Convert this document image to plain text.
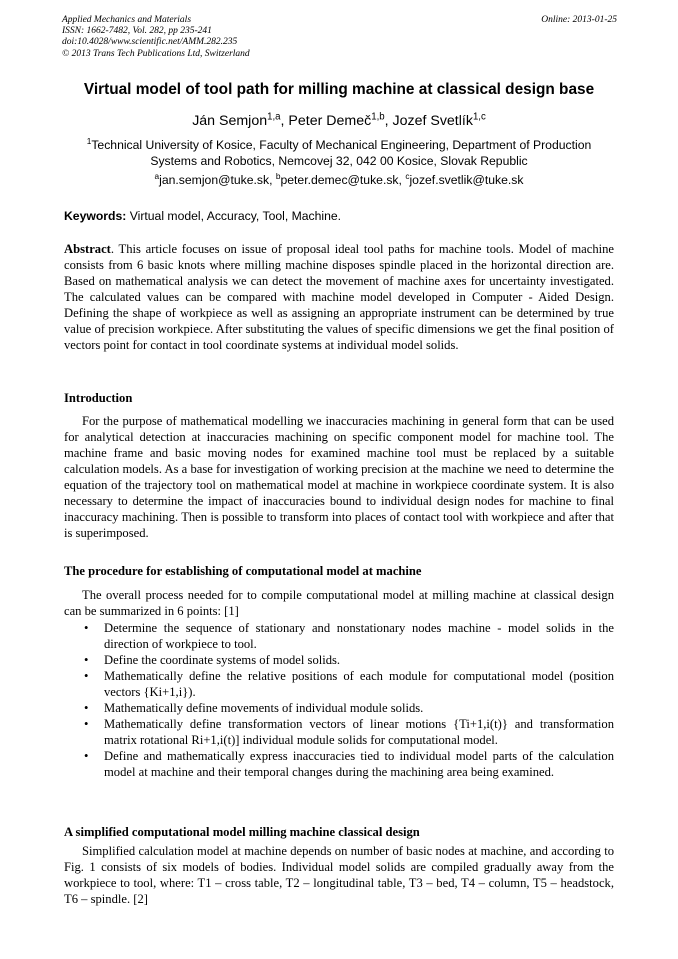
Applied Mechanics and Materials
ISSN: 1662-7482, Vol. 282, pp 235-241
doi:10.4028/www.scientific.net/AMM.282.235
© 2013 Trans Tech Publications Ltd, Switzerland
Online: 2013-01-25
Virtual model of tool path for milling machine at classical design base
Ján Semjon$^{1,a}$, Peter Demeč$^{1,b}$, Jozef Svetlík$^{1,c}$
$^1$Technical University of Kosice, Faculty of Mechanical Engineering, Department of Production
Systems and Robotics, Nemcovej 32, 042 00 Kosice, Slovak Republic
$^a$jan.semjon@tuke.sk, $^b$peter.demec@tuke.sk, $^c$jozef.svetlik@tuke.sk
Keywords: Virtual model, Accuracy, Tool, Machine.
Abstract. This article focuses on issue of proposal ideal tool paths for machine tools. Model of machine consists from 6 basic knots where milling machine disposes spindle placed in the horizontal direction are. Based on mathematical analysis we can detect the movement of machine axes for uncertainty investigated. The calculated values can be compared with machine model developed in Computer - Aided Design. Defining the shape of workpiece as well as assigning an appropriate instrument can be determined by true value of precision workpiece. After substituting the values of specific dimensions we get the final position of vectors point for contact in tool coordinate systems at individual model solids.
Introduction
For the purpose of mathematical modelling we inaccuracies machining in general form that can be used for analytical detection at inaccuracies machining on specific component model for machine tool. The machine frame and basic moving nodes for examined machine tool must be replaced by a suitable calculation models. As a base for investigation of working precision at the machine we need to determine the equation of the trajectory tool on mathematical model at machine in workpiece coordinate system. It is also necessary to determine the impact of inaccuracies bound to individual design nodes for machine to final inaccuracy machining. Then is possible to transform into places of contact tool with workpiece and after that is superimposed.
The procedure for establishing of computational model at machine
The overall process needed for to compile computational model at milling machine at classical design can be summarized in 6 points: [1]
• Determine the sequence of stationary and nonstationary nodes machine - model solids in the direction of workpiece to tool.
• Define the coordinate systems of model solids.
• Mathematically define the relative positions of each module for computational model (position vectors {Ki+1,i}).
• Mathematically define movements of individual module solids.
• Mathematically define transformation vectors of linear motions {Ti+1,i(t)} and transformation matrix rotational Ri+1,i(t)] individual module solids for computational model.
• Define and mathematically express inaccuracies tied to individual model parts of the calculation model at machine and their temporal changes during the machining area being examined.
A simplified computational model milling machine classical design
Simplified calculation model at machine depends on number of basic nodes at machine, and according to Fig. 1 consists of six models of bodies. Individual model solids are compiled gradually away from the workpiece to tool, where: T1 – cross table, T2 – longitudinal table, T3 – bed, T4 – column, T5 – headstock, T6 – spindle. [2]
